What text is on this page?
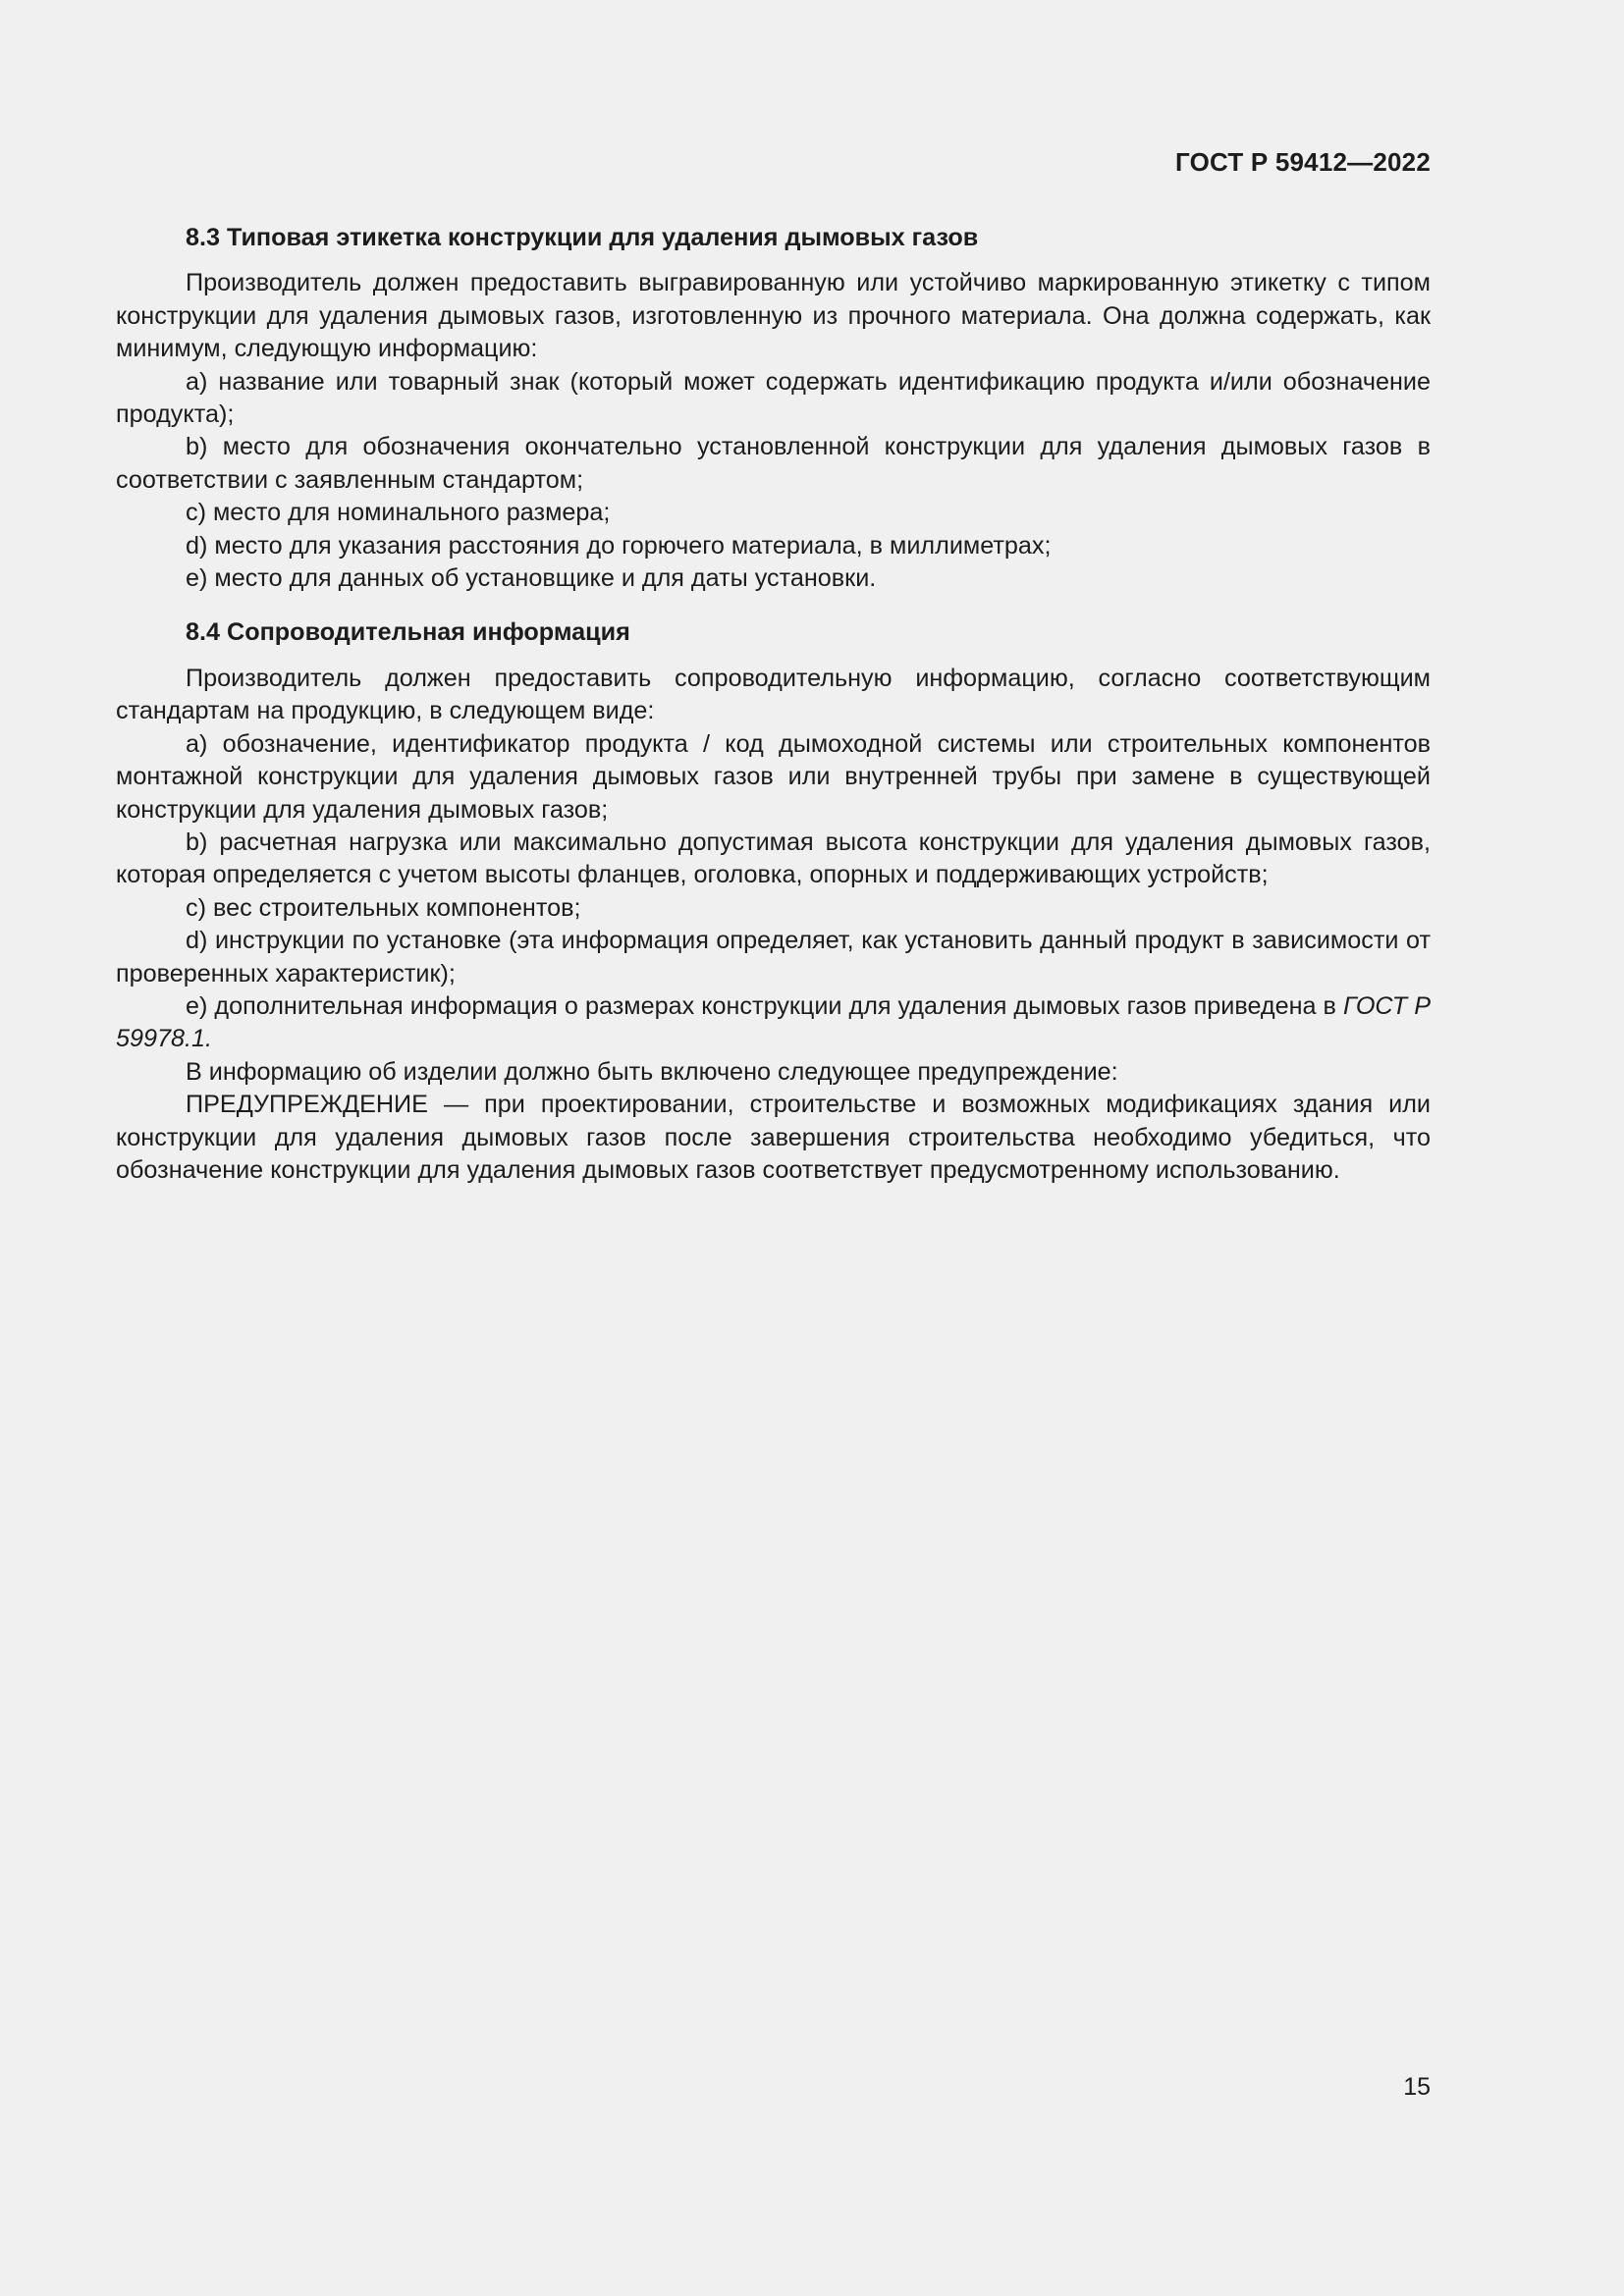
ГОСТ Р 59412—2022
8.3 Типовая этикетка конструкции для удаления дымовых газов

Производитель должен предоставить выгравированную или устойчиво маркированную этикетку с типом конструкции для удаления дымовых газов, изготовленную из прочного материала. Она должна содержать, как минимум, следующую информацию:

a) название или товарный знак (который может содержать идентификацию продукта и/или обозначение продукта);

b) место для обозначения окончательно установленной конструкции для удаления дымовых газов в соответствии с заявленным стандартом;

c) место для номинального размера;

d) место для указания расстояния до горючего материала, в миллиметрах;

e) место для данных об установщике и для даты установки.

8.4 Сопроводительная информация

Производитель должен предоставить сопроводительную информацию, согласно соответствующим стандартам на продукцию, в следующем виде:

a) обозначение, идентификатор продукта / код дымоходной системы или строительных компонентов монтажной конструкции для удаления дымовых газов или внутренней трубы при замене в существующей конструкции для удаления дымовых газов;

b) расчетная нагрузка или максимально допустимая высота конструкции для удаления дымовых газов, которая определяется с учетом высоты фланцев, оголовка, опорных и поддерживающих устройств;

c) вес строительных компонентов;

d) инструкции по установке (эта информация определяет, как установить данный продукт в зависимости от проверенных характеристик);

e) дополнительная информация о размерах конструкции для удаления дымовых газов приведена в ГОСТ Р 59978.1.

В информацию об изделии должно быть включено следующее предупреждение:

ПРЕДУПРЕЖДЕНИЕ — при проектировании, строительстве и возможных модификациях здания или конструкции для удаления дымовых газов после завершения строительства необходимо убедиться, что обозначение конструкции для удаления дымовых газов соответствует предусмотренному использованию.

15
